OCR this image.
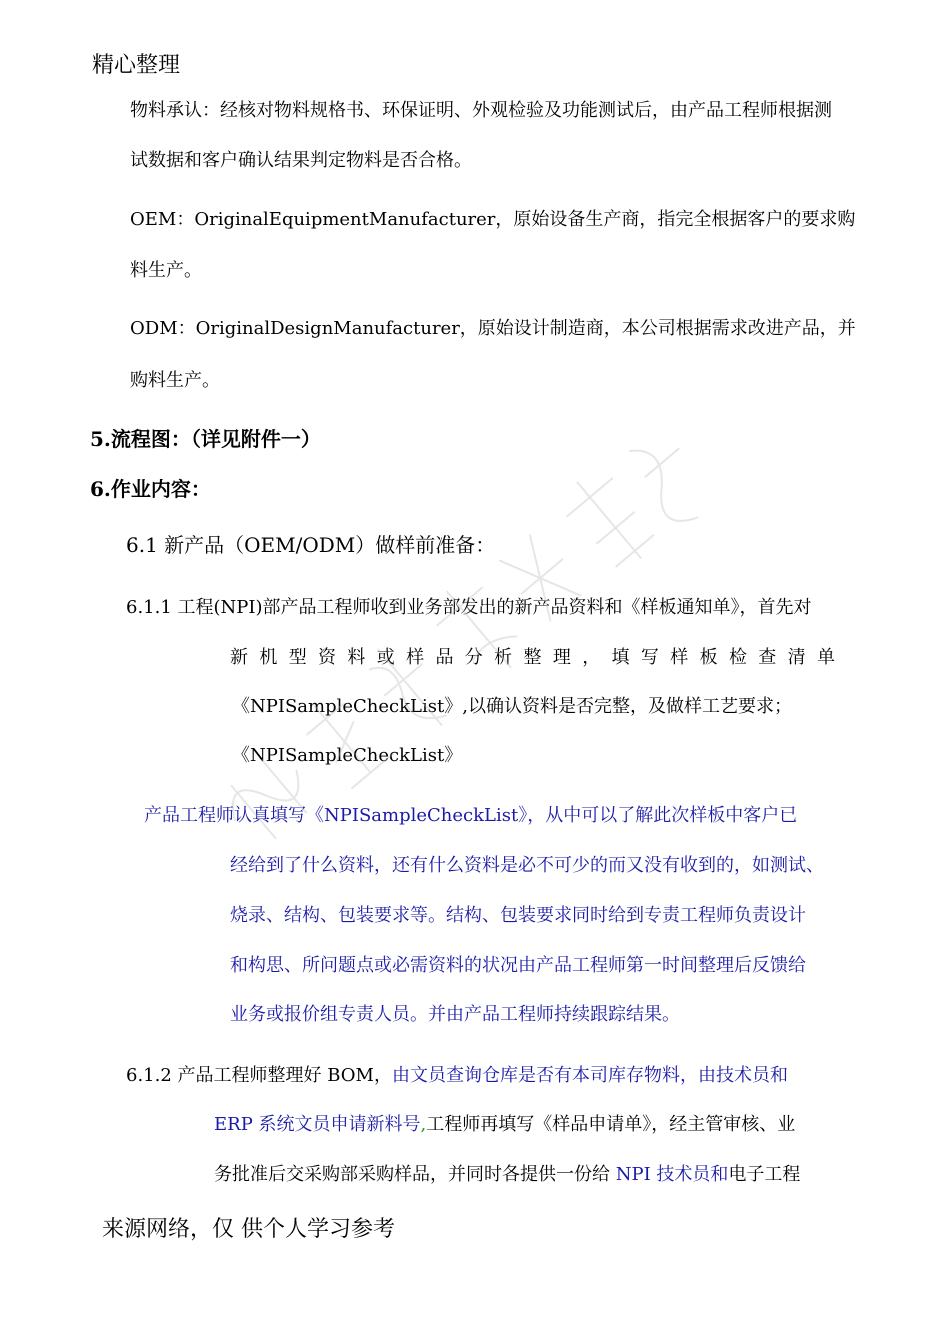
精心整理
物料承认：经核对物料规格书、环保证明、外观检验及功能测试后，由产品工程师根据测
试数据和客户确认结果判定物料是否合格。
OEM：OriginalEquipmentManufacturer，原始设备生产商，指完全根据客户的要求购
料生产。
ODM：OriginalDesignManufacturer，原始设计制造商，本公司根据需求改进产品，并
购料生产。
5.流程图：（详见附件一）
6.作业内容：
6.1 新产品（OEM/ODM）做样前准备：
6.1.1 工程(NPI)部产品工程师收到业务部发出的新产品资料和《样板通知单》，首先对
新机型资料或样品分析整理，填写样板检查清单
《NPISampleCheckList》,以确认资料是否完整，及做样工艺要求；
《NPISampleCheckList》
产品工程师认真填写《NPISampleCheckList》，从中可以了解此次样板中客户已
经给到了什么资料，还有什么资料是必不可少的而又没有收到的，如测试、
烧录、结构、包装要求等。结构、包装要求同时给到专责工程师负责设计
和构思、所问题点或必需资料的状况由产品工程师第一时间整理后反馈给
业务或报价组专责人员。并由产品工程师持续跟踪结果。
6.1.2 产品工程师整理好 BOM，由文员查询仓库是否有本司库存物料，由技术员和
ERP 系统文员申请新料号,工程师再填写《样品申请单》，经主管审核、业
务批准后交采购部采购样品，并同时各提供一份给 NPI 技术员和电子工程
来源网络，仅 供个人学习参考
